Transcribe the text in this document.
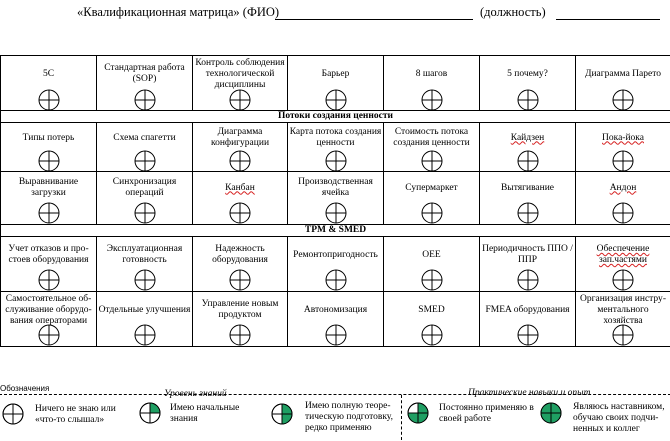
«Квалификационная матрица» (ФИО)	(должность)
5С	Стандартная работа (SOP)	Контроль соблюдения технологической дисциплины	Барьер	8 шагов	5 почему?	Диаграмма Парето

Потоки создания ценности						

Типы потерь	Схема спагетти	Диаграмма конфигурации	Карта потока создания ценности	Стоимость потока создания ценности	Кайдзен	Пока-йока

Выравнивание загрузки	Синхронизация операций	Канбан	Производственная ячейка	Супермаркет	Вытягивание	Андон

TPM & SMED						

Учет отказов и простоев оборудования	Эксплуатационная готовность	Надежность оборудования	Ремонтопригодность	OEE	Периодичность ППО / ППР	Обеспечение зап.частями

Самостоятельное обслуживание оборудования операторами	Отдельные улучшения	Управление новым продуктом	Автономизация	SMED	FMEA оборудования	Организация инструментального хозяйства
Обозначения
Уровень знаний	Практические навыки и опыт
Ничего не знаю или «что-то слышал»
Имею начальные знания
Имею полную теоретическую подготовку, редко применяю
Постоянно применяю в своей работе
Являюсь наставником, обучаю своих подчиненных и коллег
